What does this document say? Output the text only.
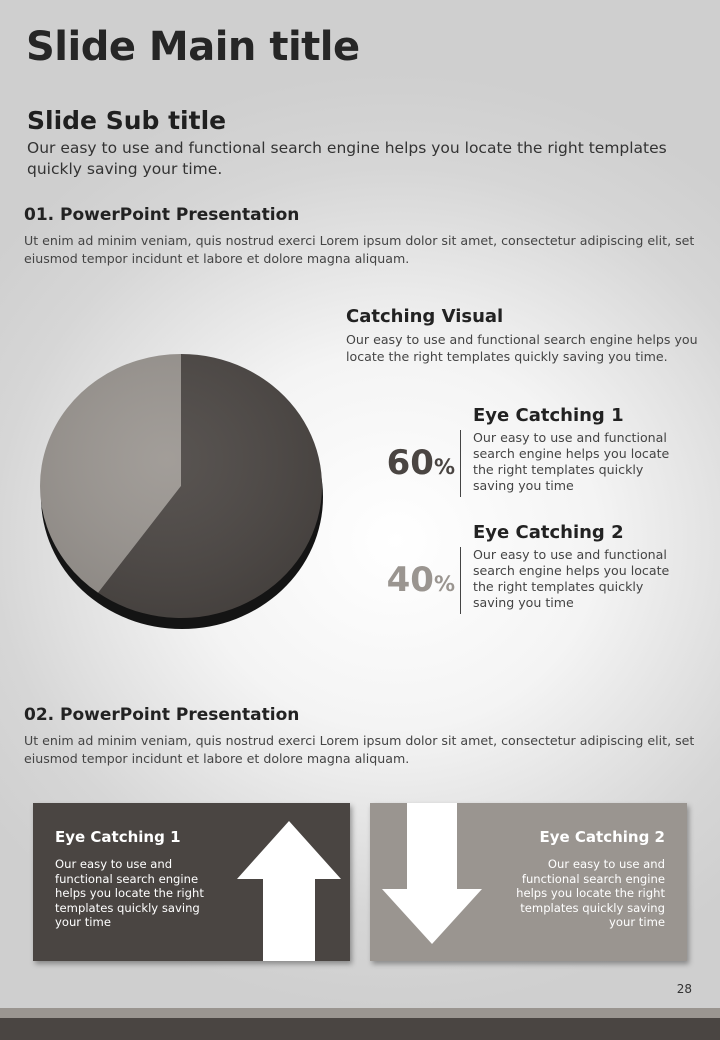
Slide Main title
Slide Sub title
Our easy to use and functional search engine helps you locate the right templates quickly saving your time.
01. PowerPoint Presentation
Ut enim ad minim veniam, quis nostrud exerci Lorem ipsum dolor sit amet, consectetur adipiscing elit, set eiusmod tempor incidunt et labore et dolore magna aliquam.
Catching Visual
Our easy to use and functional search engine helps you locate the right templates quickly saving you time.
60%
Eye Catching 1
Our easy to use and functional search engine helps you locate the right templates quickly saving you time
40%
Eye Catching 2
Our easy to use and functional search engine helps you locate the right templates quickly saving you time
02. PowerPoint Presentation
Ut enim ad minim veniam, quis nostrud exerci Lorem ipsum dolor sit amet, consectetur adipiscing elit, set eiusmod tempor incidunt et labore et dolore magna aliquam.
Eye Catching 1
Our easy to use and functional search engine helps you locate the right templates quickly saving your time
Eye Catching 2
Our easy to use and functional search engine helps you locate the right templates quickly saving your time
28
